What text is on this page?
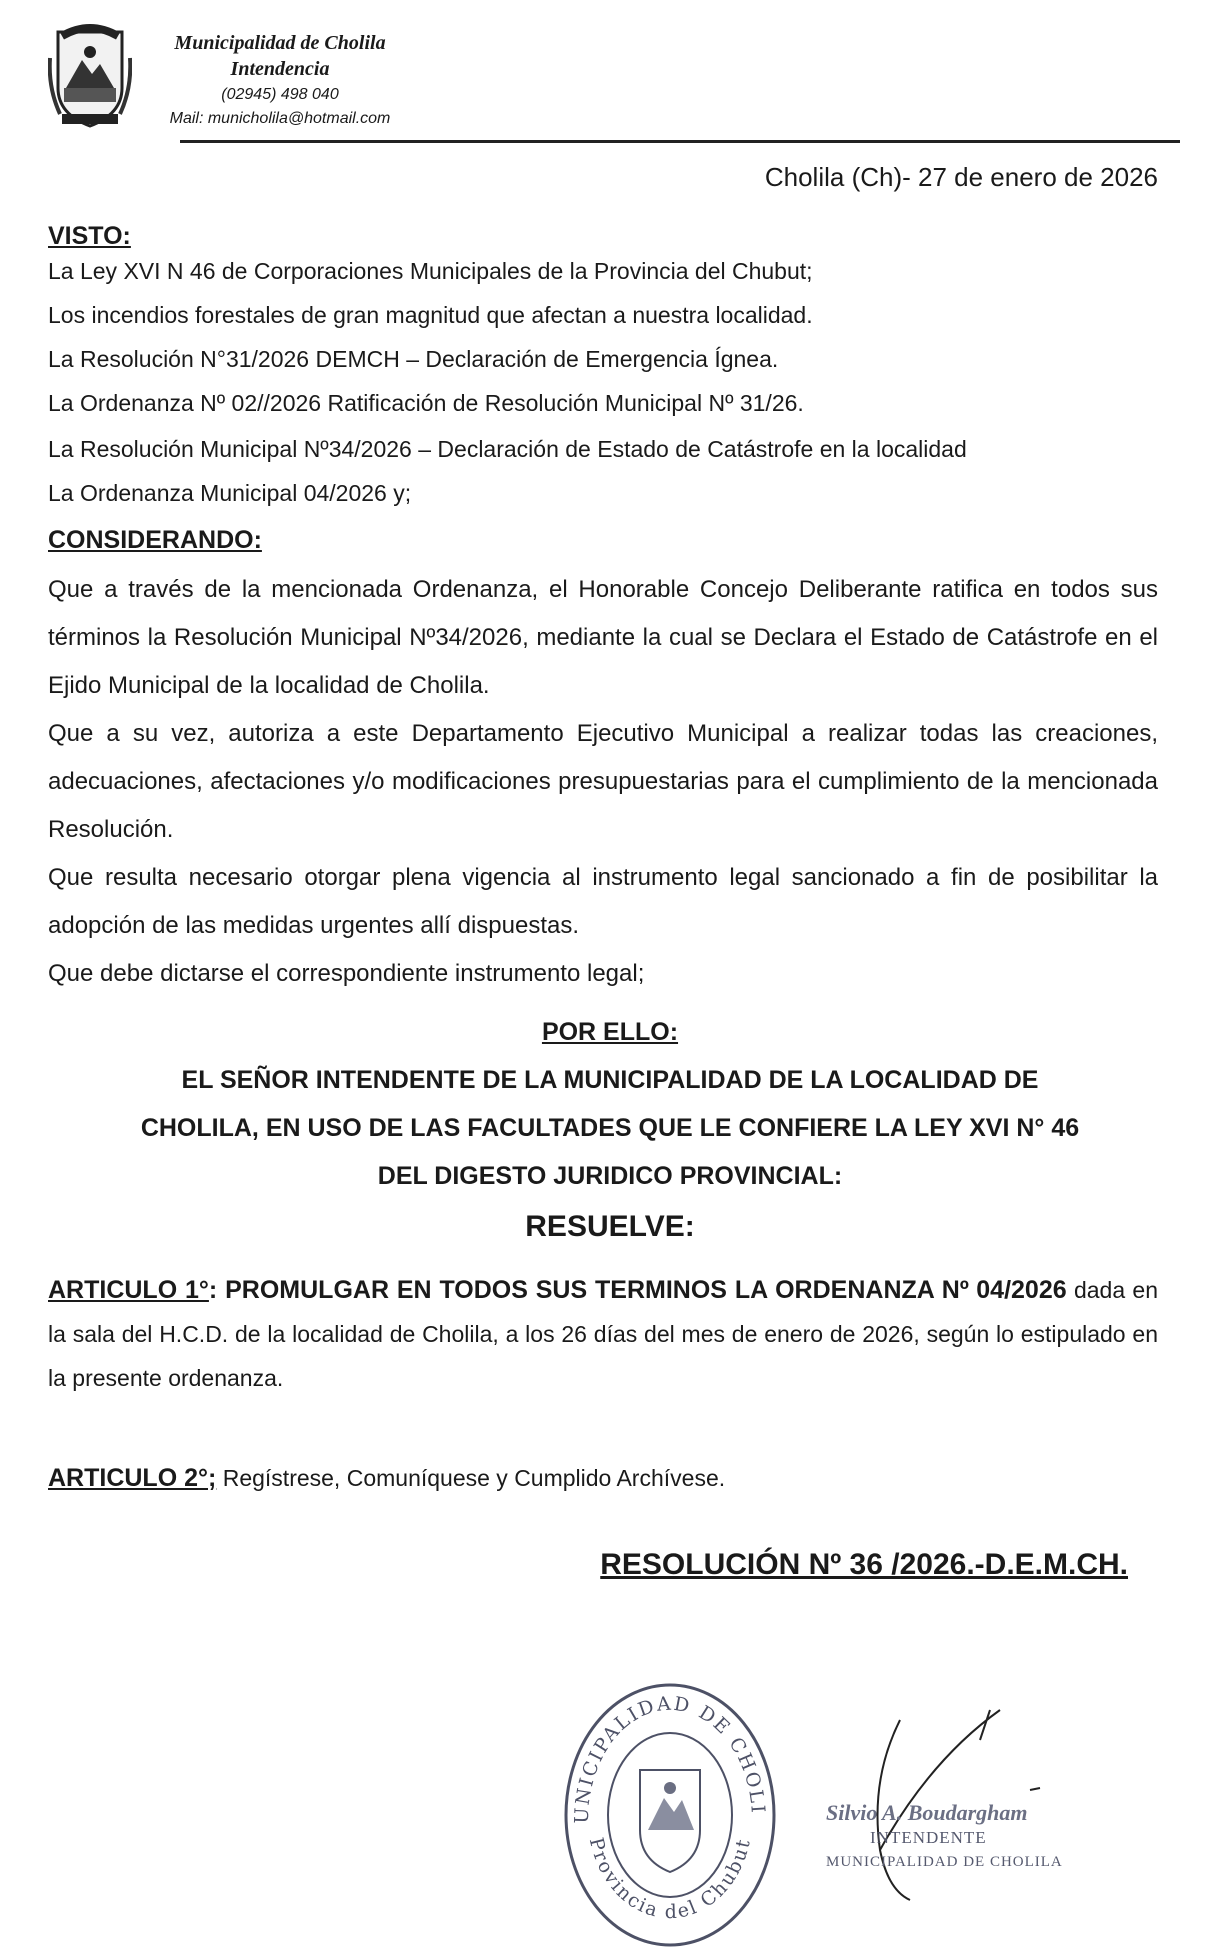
Municipalidad de Cholila
Intendencia
(02945) 498 040
Mail: municholila@hotmail.com
Cholila (Ch)- 27 de enero de 2026
VISTO:
La Ley XVI N 46 de Corporaciones Municipales de la Provincia del Chubut;
Los incendios forestales de gran magnitud que afectan a nuestra localidad.
La Resolución N°31/2026 DEMCH – Declaración de Emergencia Ígnea.
La Ordenanza Nº 02//2026 Ratificación de Resolución Municipal Nº 31/26.
La Resolución Municipal Nº34/2026 – Declaración de Estado de Catástrofe en la localidad
La Ordenanza Municipal 04/2026 y;
CONSIDERANDO:

Que a través de la mencionada Ordenanza, el Honorable Concejo Deliberante ratifica en todos sus términos la Resolución Municipal Nº34/2026, mediante la cual se Declara el Estado de Catástrofe en el Ejido Municipal de la localidad de Cholila.

Que a su vez, autoriza a este Departamento Ejecutivo Municipal a realizar todas las creaciones, adecuaciones, afectaciones y/o modificaciones presupuestarias para el cumplimiento de la mencionada Resolución.

Que resulta necesario otorgar plena vigencia al instrumento legal sancionado a fin de posibilitar la adopción de las medidas urgentes allí dispuestas.

Que debe dictarse el correspondiente instrumento legal;

POR ELLO:
EL SEÑOR INTENDENTE DE LA MUNICIPALIDAD DE LA LOCALIDAD DE
CHOLILA, EN USO DE LAS FACULTADES QUE LE CONFIERE LA LEY XVI N° 46
DEL DIGESTO JURIDICO PROVINCIAL:
RESUELVE:
ARTICULO 1°: PROMULGAR EN TODOS SUS TERMINOS LA ORDENANZA Nº 04/2026 dada en la sala del H.C.D. de la localidad de Cholila, a los 26 días del mes de enero de 2026, según lo estipulado en la presente ordenanza.
ARTICULO 2°; Regístrese, Comuníquese y Cumplido Archívese.
RESOLUCIÓN Nº 36 /2026.-D.E.M.CH.
UNICIPALIDAD DE CHOLI
Provincia del Chubut
Silvio A. Boudargham
INTENDENTE
MUNICIPALIDAD DE CHOLILA
